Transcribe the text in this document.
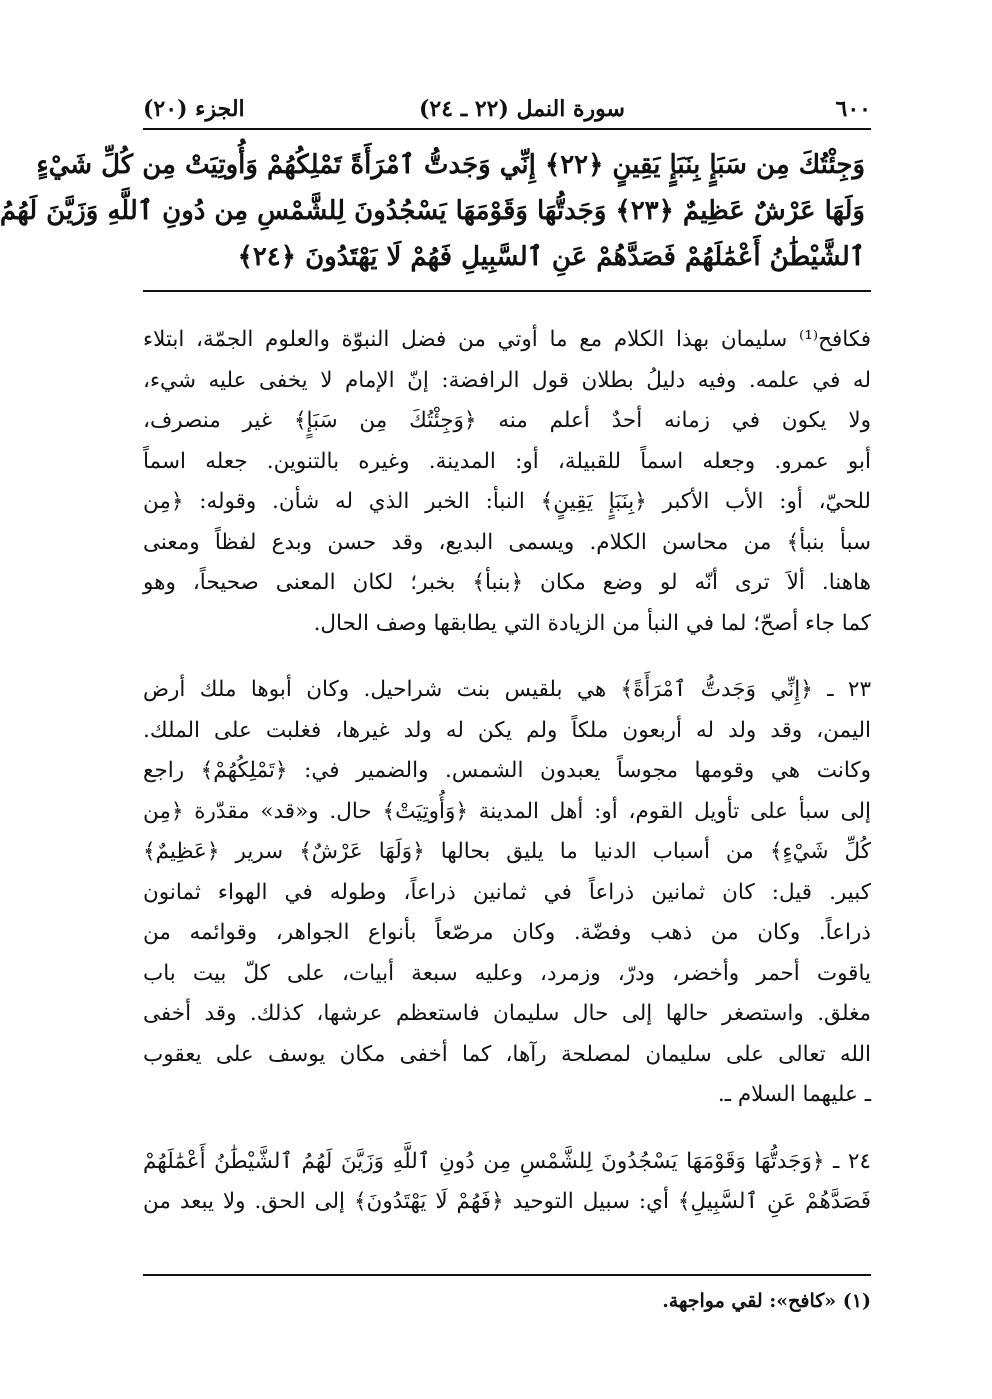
٦٠٠
سورة النمل (٢٢ ـ ٢٤)
الجزء (٢٠)
وَجِئْتُكَ مِن سَبَإٍ بِنَبَإٍ يَقِينٍ ﴿٢٢﴾ إِنِّي وَجَدتُّ ٱمْرَأَةً تَمْلِكُهُمْ وَأُوتِيَتْ مِن كُلِّ شَيْءٍ
وَلَهَا عَرْشٌ عَظِيمٌ ﴿٢٣﴾ وَجَدتُّهَا وَقَوْمَهَا يَسْجُدُونَ لِلشَّمْسِ مِن دُونِ ٱللَّهِ وَزَيَّنَ لَهُمُ
ٱلشَّيْطَٰنُ أَعْمَٰلَهُمْ فَصَدَّهُمْ عَنِ ٱلسَّبِيلِ فَهُمْ لَا يَهْتَدُونَ ﴿٢٤﴾
فكافح⁽¹⁾ سليمان بهذا الكلام مع ما أوتي من فضل النبوّة والعلوم الجمّة، ابتلاء
له في علمه. وفيه دليلُ بطلان قول الرافضة: إنّ الإمام لا يخفى عليه شيء،
ولا يكون في زمانه أحدٌ أعلم منه ﴿وَجِئْتُكَ مِن سَبَإٍ﴾ غير منصرف،
أبو عمرو. وجعله اسماً للقبيلة، أو: المدينة. وغيره بالتنوين. جعله اسماً
للحيّ، أو: الأب الأكبر ﴿بِنَبَإٍ يَقِينٍ﴾ النبأ: الخبر الذي له شأن. وقوله: ﴿مِن
سبأ بنبأ﴾ من محاسن الكلام. ويسمى البديع، وقد حسن وبدع لفظاً ومعنى
هاهنا. ألاَ ترى أنّه لو وضع مكان ﴿بنبأ﴾ بخبر؛ لكان المعنى صحيحاً، وهو
كما جاء أصحّ؛ لما في النبأ من الزيادة التي يطابقها وصف الحال.
٢٣ ـ ﴿إِنِّي وَجَدتُّ ٱمْرَأَةً﴾ هي بلقيس بنت شراحيل. وكان أبوها ملك أرض
اليمن، وقد ولد له أربعون ملكاً ولم يكن له ولد غيرها، فغلبت على الملك.
وكانت هي وقومها مجوساً يعبدون الشمس. والضمير في: ﴿تَمْلِكُهُمْ﴾ راجع
إلى سبأ على تأويل القوم، أو: أهل المدينة ﴿وَأُوتِيَتْ﴾ حال. و«قد» مقدّرة ﴿مِن
كُلِّ شَيْءٍ﴾ من أسباب الدنيا ما يليق بحالها ﴿وَلَهَا عَرْشٌ﴾ سرير ﴿عَظِيمٌ﴾
كبير. قيل: كان ثمانين ذراعاً في ثمانين ذراعاً، وطوله في الهواء ثمانون
ذراعاً. وكان من ذهب وفضّة. وكان مرصّعاً بأنواع الجواهر، وقوائمه من
ياقوت أحمر وأخضر، ودرّ، وزمرد، وعليه سبعة أبيات، على كلّ بيت باب
مغلق. واستصغر حالها إلى حال سليمان فاستعظم عرشها، كذلك. وقد أخفى
الله تعالى على سليمان لمصلحة رآها، كما أخفى مكان يوسف على يعقوب
ـ عليهما السلام ـ.
٢٤ ـ ﴿وَجَدتُّهَا وَقَوْمَهَا يَسْجُدُونَ لِلشَّمْسِ مِن دُونِ ٱللَّهِ وَزَيَّنَ لَهُمُ ٱلشَّيْطَٰنُ أَعْمَٰلَهُمْ
فَصَدَّهُمْ عَنِ ٱلسَّبِيلِ﴾ أي: سبيل التوحيد ﴿فَهُمْ لَا يَهْتَدُونَ﴾ إلى الحق. ولا يبعد من
(١) «كافح»: لقي مواجهة.
